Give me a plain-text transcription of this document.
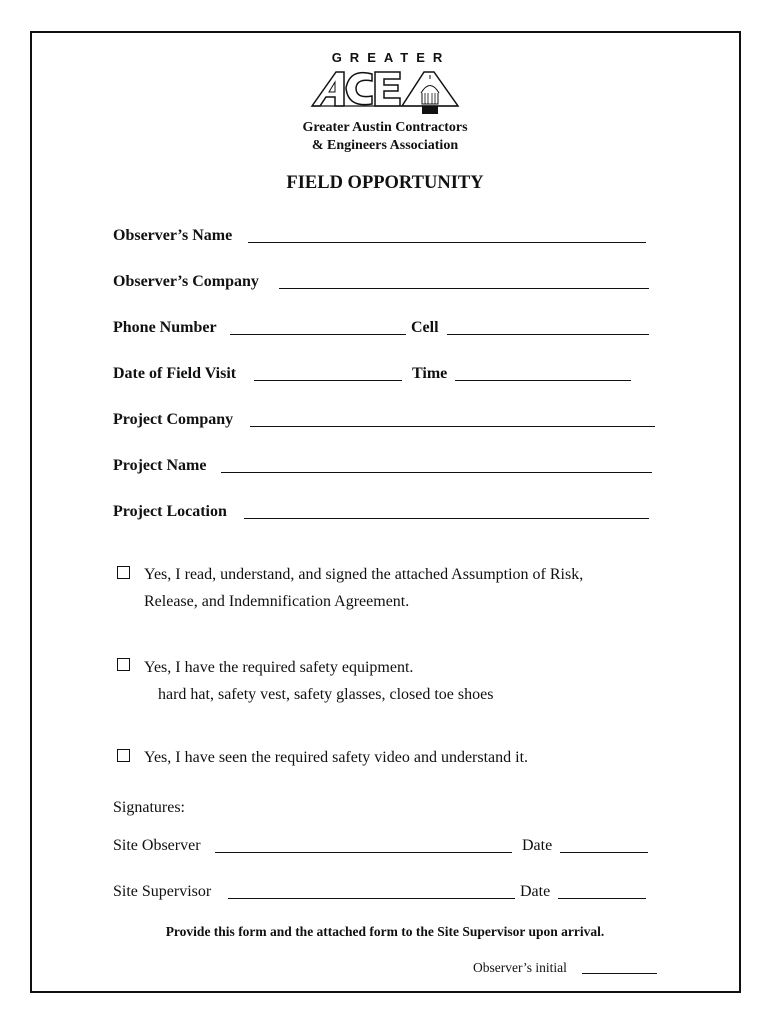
GREATER
Greater Austin Contractors
& Engineers Association
FIELD OPPORTUNITY
Observer’s Name
Observer’s Company
Phone Number	Cell
Date of Field Visit	Time
Project Company
Project Name
Project Location
Yes, I read, understand, and signed the attached Assumption of Risk,
Release, and Indemnification Agreement.
Yes, I have the required safety equipment.
hard hat, safety vest, safety glasses, closed toe shoes
Yes, I have seen the required safety video and understand it.
Signatures:
Site Observer	Date
Site Supervisor	Date
Provide this form and the attached form to the Site Supervisor upon arrival.
Observer’s initial
